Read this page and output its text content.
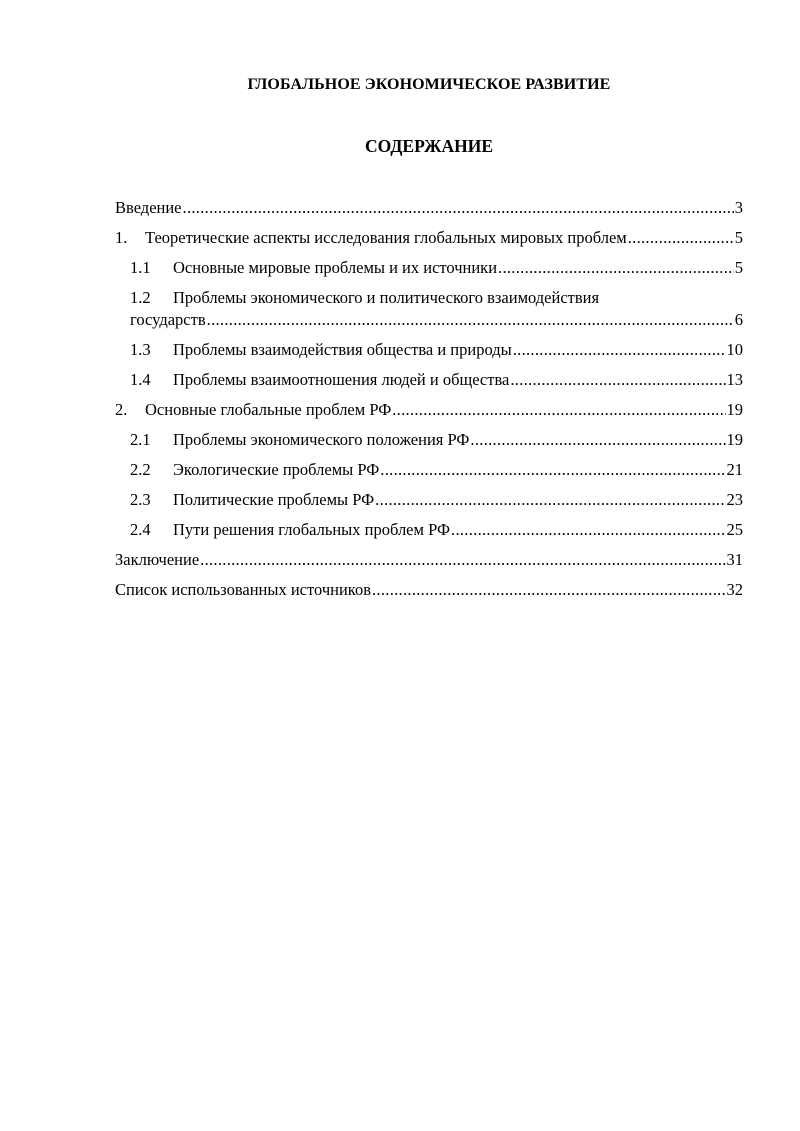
ГЛОБАЛЬНОЕ ЭКОНОМИЧЕСКОЕ РАЗВИТИЕ
СОДЕРЖАНИЕ
Введение .....	3
1.	Теоретические аспекты исследования глобальных мировых проблем .....	5
1.1	Основные мировые проблемы и их источники .....	5
1.2 Проблемы экономического и политического взаимодействия
государств .....	6
1.3	Проблемы взаимодействия общества и природы .....	10
1.4	Проблемы взаимоотношения людей и общества .....	13
2.	Основные глобальные проблем РФ .....	19
2.1	Проблемы экономического положения РФ .....	19
2.2	Экологические проблемы РФ .....	21
2.3	Политические проблемы РФ .....	23
2.4	Пути решения глобальных проблем РФ .....	25
Заключение .....	31
Список использованных источников .....	32
